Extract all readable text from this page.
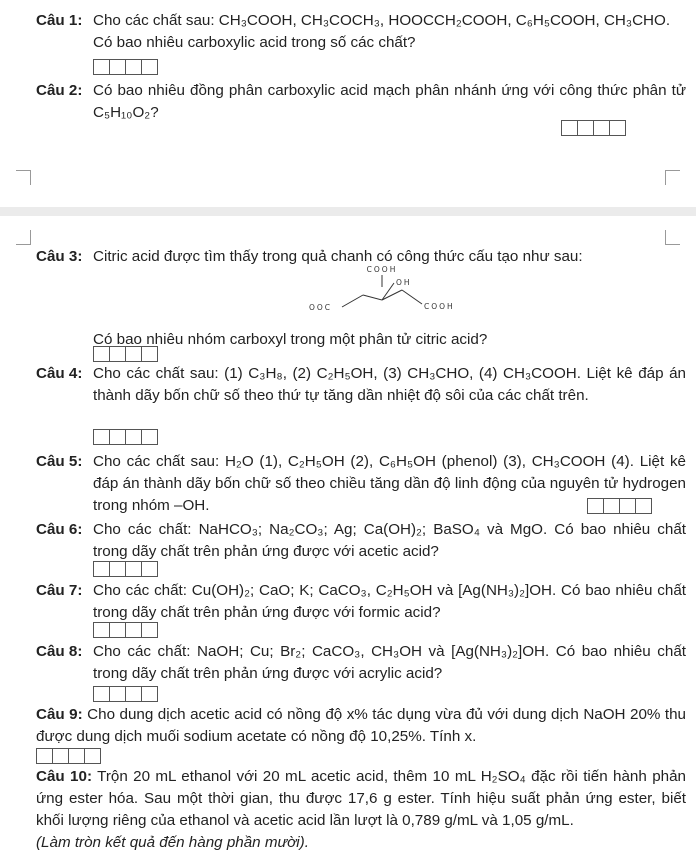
Câu 1: Cho các chất sau: CH₃COOH, CH₃COCH₃, HOOCCH₂COOH, C₆H₅COOH, CH₃CHO.
Có bao nhiêu carboxylic acid trong số các chất?
Câu 2: Có bao nhiêu đồng phân carboxylic acid mạch phân nhánh ứng với công thức phân tử C₅H₁₀O₂?
Câu 3: Citric acid được tìm thấy trong quả chanh có công thức cấu tạo như sau:
COOH
OH
OOC	COOH
Có bao nhiêu nhóm carboxyl trong một phân tử citric acid?
Câu 4: Cho các chất sau: (1) C₃H₈, (2) C₂H₅OH, (3) CH₃CHO, (4) CH₃COOH. Liệt kê đáp án thành dãy bốn chữ số theo thứ tự tăng dần nhiệt độ sôi của các chất trên.
Câu 5: Cho các chất sau: H₂O (1), C₂H₅OH (2), C₆H₅OH (phenol) (3), CH₃COOH (4). Liệt kê đáp án thành dãy bốn chữ số theo chiều tăng dần độ linh động của nguyên tử hydrogen trong nhóm –OH.
Câu 6: Cho các chất: NaHCO₃; Na₂CO₃; Ag; Ca(OH)₂; BaSO₄ và MgO. Có bao nhiêu chất trong dãy chất trên phản ứng được với acetic acid?
Câu 7: Cho các chất: Cu(OH)₂; CaO; K; CaCO₃, C₂H₅OH và [Ag(NH₃)₂]OH. Có bao nhiêu chất trong dãy chất trên phản ứng được với formic acid?
Câu 8: Cho các chất: NaOH; Cu; Br₂; CaCO₃, CH₃OH và [Ag(NH₃)₂]OH. Có bao nhiêu chất trong dãy chất trên phản ứng được với acrylic acid?
Câu 9: Cho dung dịch acetic acid có nồng độ x% tác dụng vừa đủ với dung dịch NaOH 20% thu được dung dịch muối sodium acetate có nồng độ 10,25%. Tính x.
Câu 10: Trộn 20 mL ethanol với 20 mL acetic acid, thêm 10 mL H₂SO₄ đặc rồi tiến hành phản ứng ester hóa. Sau một thời gian, thu được 17,6 g ester. Tính hiệu suất phản ứng ester, biết khối lượng riêng của ethanol và acetic acid lần lượt là 0,789 g/mL và 1,05 g/mL.
(Làm tròn kết quả đến hàng phần mười).
